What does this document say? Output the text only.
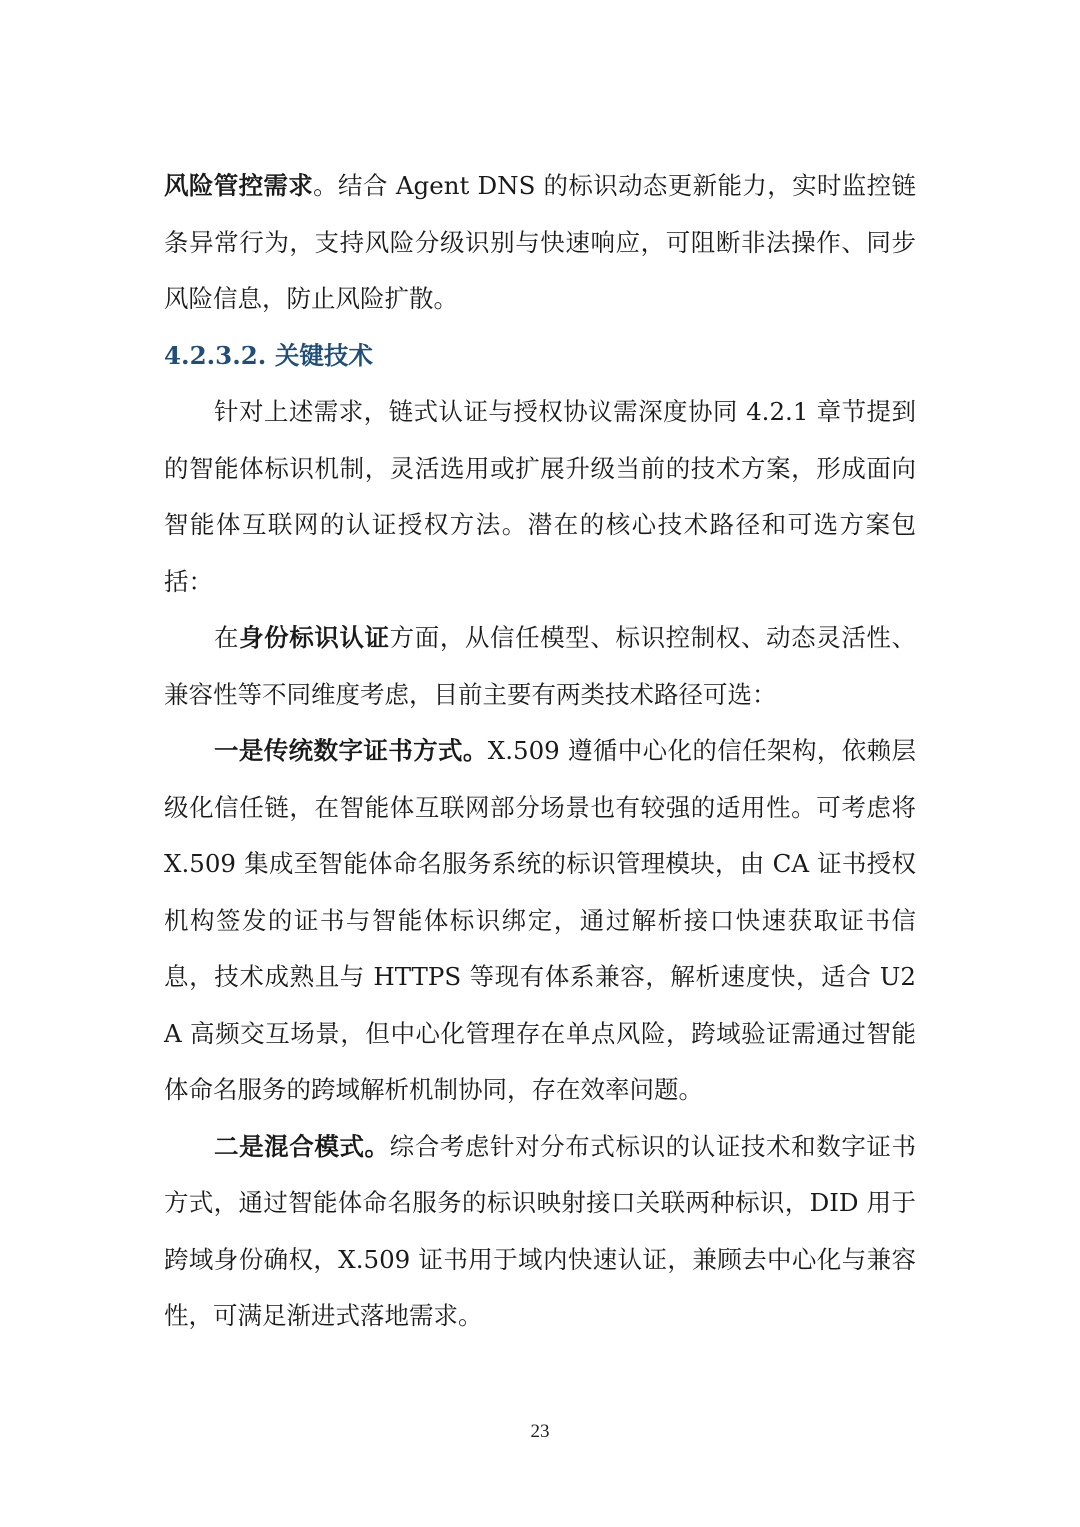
风险管控需求。结合 Agent DNS 的标识动态更新能力，实时监控链条异常行为，支持风险分级识别与快速响应，可阻断非法操作、同步风险信息，防止风险扩散。

4.2.3.2. 关键技术

针对上述需求，链式认证与授权协议需深度协同 4.2.1 章节提到的智能体标识机制，灵活选用或扩展升级当前的技术方案，形成面向智能体互联网的认证授权方法。潜在的核心技术路径和可选方案包括：

在身份标识认证方面，从信任模型、标识控制权、动态灵活性、兼容性等不同维度考虑，目前主要有两类技术路径可选：

一是传统数字证书方式。X.509 遵循中心化的信任架构，依赖层级化信任链，在智能体互联网部分场景也有较强的适用性。可考虑将 X.509 集成至智能体命名服务系统的标识管理模块，由 CA 证书授权机构签发的证书与智能体标识绑定，通过解析接口快速获取证书信息，技术成熟且与 HTTPS 等现有体系兼容，解析速度快，适合 U2A 高频交互场景，但中心化管理存在单点风险，跨域验证需通过智能体命名服务的跨域解析机制协同，存在效率问题。

二是混合模式。综合考虑针对分布式标识的认证技术和数字证书方式，通过智能体命名服务的标识映射接口关联两种标识，DID 用于跨域身份确权，X.509 证书用于域内快速认证，兼顾去中心化与兼容性，可满足渐进式落地需求。

23
